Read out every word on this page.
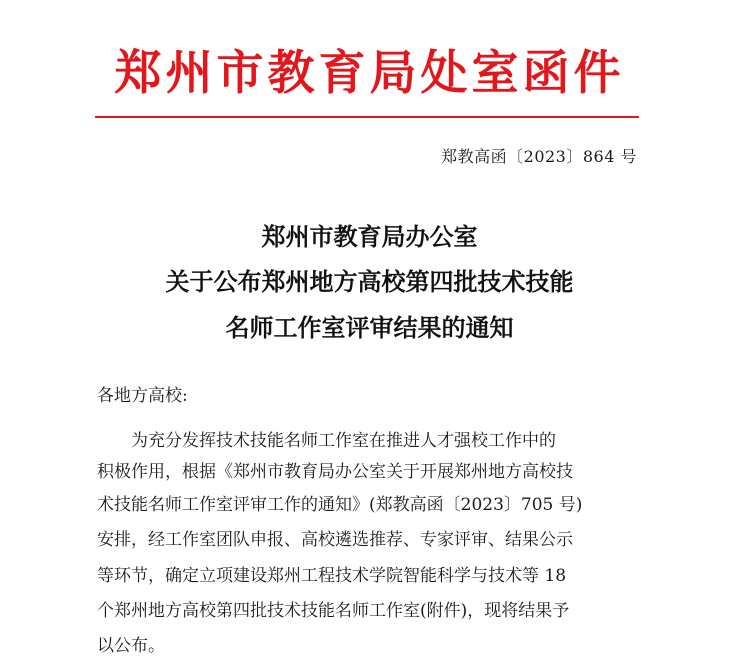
郑州市教育局处室函件
郑教高函〔2023〕864 号
郑州市教育局办公室
关于公布郑州地方高校第四批技术技能
名师工作室评审结果的通知
各地方高校:
为充分发挥技术技能名师工作室在推进人才强校工作中的
积极作用，根据《郑州市教育局办公室关于开展郑州地方高校技
术技能名师工作室评审工作的通知》(郑教高函〔2023〕705 号)
安排，经工作室团队申报、高校遴选推荐、专家评审、结果公示
等环节，确定立项建设郑州工程技术学院智能科学与技术等 18
个郑州地方高校第四批技术技能名师工作室(附件)，现将结果予
以公布。
